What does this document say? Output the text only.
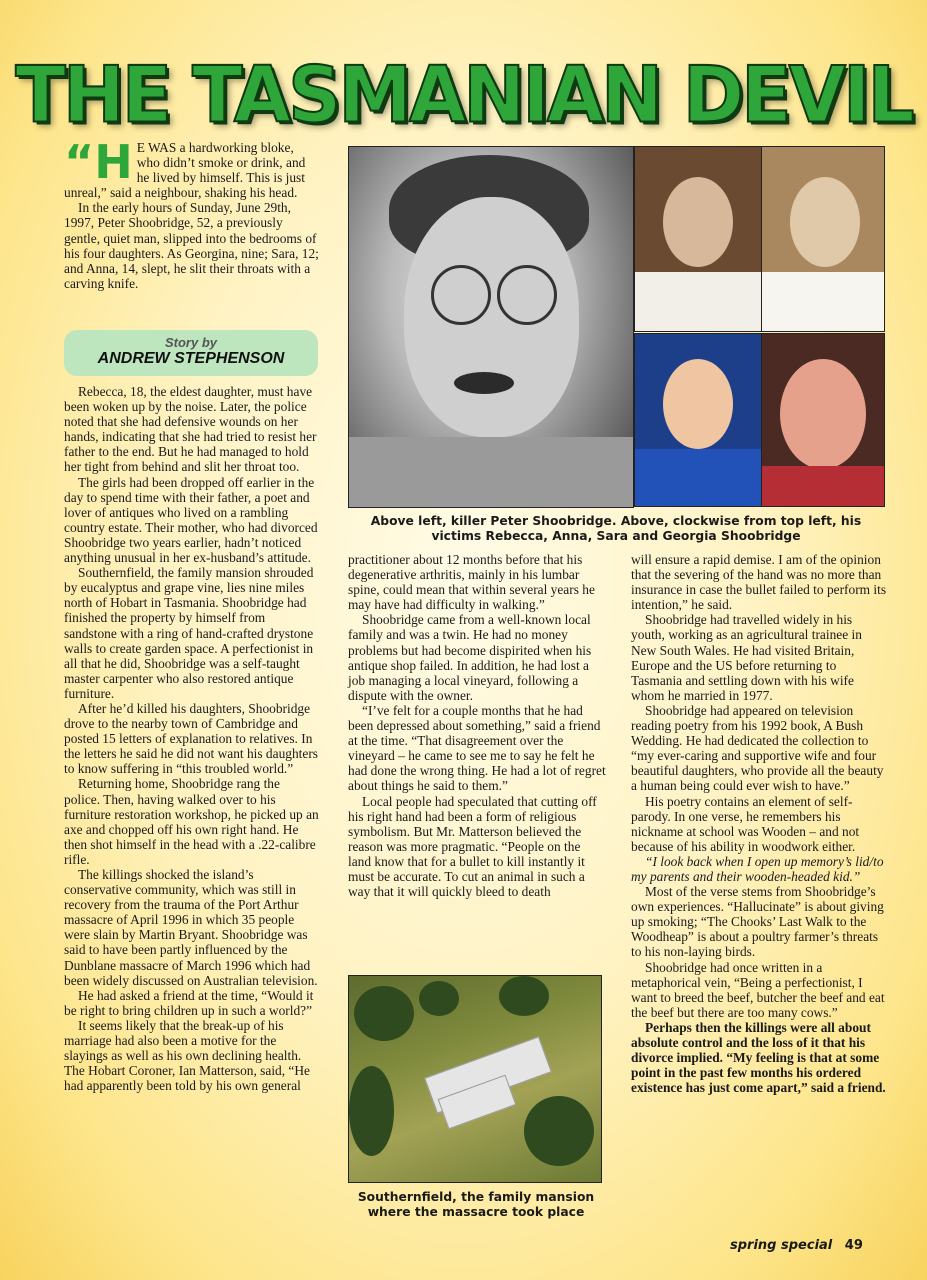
THE TASMANIAN DEVIL

“H E WAS a hardworking bloke, who didn’t smoke or drink, and he lived by himself. This is just unreal,” said a neighbour, shaking his head.

In the early hours of Sunday, June 29th, 1997, Peter Shoobridge, 52, a previously gentle, quiet man, slipped into the bedrooms of his four daughters. As Georgina, nine; Sara, 12; and Anna, 14, slept, he slit their throats with a carving knife.

Story by
ANDREW STEPHENSON

Rebecca, 18, the eldest daughter, must have been woken up by the noise. Later, the police noted that she had defensive wounds on her hands, indicating that she had tried to resist her father to the end. But he had managed to hold her tight from behind and slit her throat too.

The girls had been dropped off earlier in the day to spend time with their father, a poet and lover of antiques who lived on a rambling country estate. Their mother, who had divorced Shoobridge two years earlier, hadn’t noticed anything unusual in her ex-husband’s attitude.

Southernfield, the family mansion shrouded by eucalyptus and grape vine, lies nine miles north of Hobart in Tasmania. Shoobridge had finished the property by himself from sandstone with a ring of hand-crafted drystone walls to create garden space. A perfectionist in all that he did, Shoobridge was a self-taught master carpenter who also restored antique furniture.

After he’d killed his daughters, Shoobridge drove to the nearby town of Cambridge and posted 15 letters of explanation to relatives. In the letters he said he did not want his daughters to know suffering in “this troubled world.”

Returning home, Shoobridge rang the police. Then, having walked over to his furniture restoration workshop, he picked up an axe and chopped off his own right hand. He then shot himself in the head with a .22-calibre rifle.

The killings shocked the island’s conservative community, which was still in recovery from the trauma of the Port Arthur massacre of April 1996 in which 35 people were slain by Martin Bryant. Shoobridge was said to have been partly influenced by the Dunblane massacre of March 1996 which had been widely discussed on Australian television.

He had asked a friend at the time, “Would it be right to bring children up in such a world?”

It seems likely that the break-up of his marriage had also been a motive for the slayings as well as his own declining health. The Hobart Coroner, Ian Matterson, said, “He had apparently been told by his own general

Above left, killer Peter Shoobridge. Above, clockwise from top left, his victims Rebecca, Anna, Sara and Georgia Shoobridge

practitioner about 12 months before that his degenerative arthritis, mainly in his lumbar spine, could mean that within several years he may have had difficulty in walking.”

Shoobridge came from a well-known local family and was a twin. He had no money problems but had become dispirited when his antique shop failed. In addition, he had lost a job managing a local vineyard, following a dispute with the owner.

“I’ve felt for a couple months that he had been depressed about something,” said a friend at the time. “That disagreement over the vineyard – he came to see me to say he felt he had done the wrong thing. He had a lot of regret about things he said to them.”

Local people had speculated that cutting off his right hand had been a form of religious symbolism. But Mr. Matterson believed the reason was more pragmatic. “People on the land know that for a bullet to kill instantly it must be accurate. To cut an animal in such a way that it will quickly bleed to death

Southernfield, the family mansion where the massacre took place

will ensure a rapid demise. I am of the opinion that the severing of the hand was no more than insurance in case the bullet failed to perform its intention,” he said.

Shoobridge had travelled widely in his youth, working as an agricultural trainee in New South Wales. He had visited Britain, Europe and the US before returning to Tasmania and settling down with his wife whom he married in 1977.

Shoobridge had appeared on television reading poetry from his 1992 book, A Bush Wedding. He had dedicated the collection to “my ever-caring and supportive wife and four beautiful daughters, who provide all the beauty a human being could ever wish to have.”

His poetry contains an element of self-parody. In one verse, he remembers his nickname at school was Wooden – and not because of his ability in woodwork either.

“I look back when I open up memory’s lid/to my parents and their wooden-headed kid.”

Most of the verse stems from Shoobridge’s own experiences. “Hallucinate” is about giving up smoking; “The Chooks’ Last Walk to the Woodheap” is about a poultry farmer’s threats to his non-laying birds.

Shoobridge had once written in a metaphorical vein, “Being a perfectionist, I want to breed the beef, butcher the beef and eat the beef but there are too many cows.”

Perhaps then the killings were all about absolute control and the loss of it that his divorce implied. “My feeling is that at some point in the past few months his ordered existence has just come apart,” said a friend.

spring special 49
